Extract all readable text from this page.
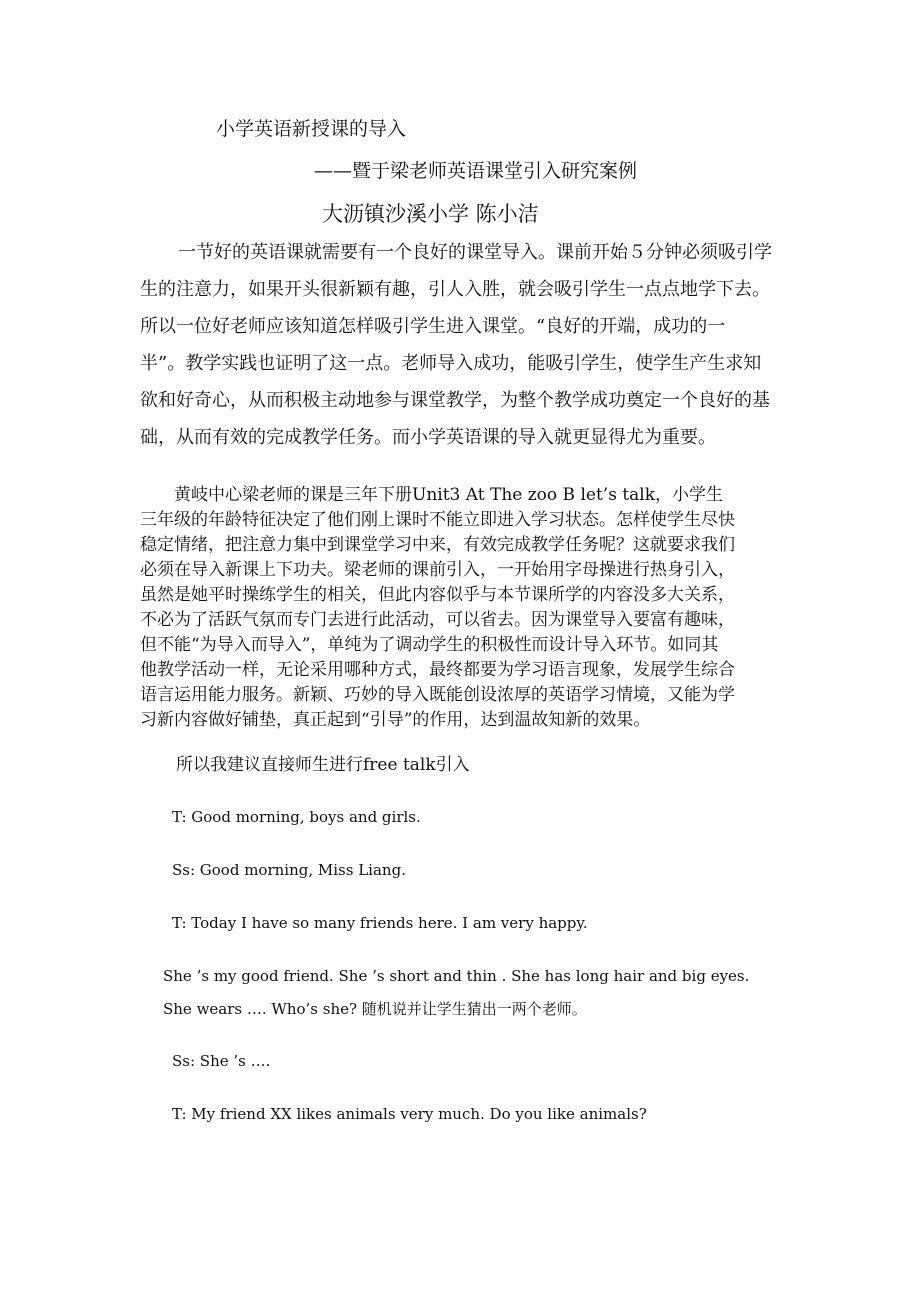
小学英语新授课的导入

——暨于梁老师英语课堂引入研究案例

大沥镇沙溪小学 陈小洁

一节好的英语课就需要有一个良好的课堂导入。课前开始５分钟必须吸引学

生的注意力，如果开头很新颖有趣，引人入胜，就会吸引学生一点点地学下去。

所以一位好老师应该知道怎样吸引学生进入课堂。“良好的开端，成功的一

半”。教学实践也证明了这一点。老师导入成功，能吸引学生，使学生产生求知

欲和好奇心，从而积极主动地参与课堂教学，为整个教学成功奠定一个良好的基

础，从而有效的完成教学任务。而小学英语课的导入就更显得尤为重要。

黄岐中心梁老师的课是三年下册Unit3 At The zoo B let’s talk，小学生

三年级的年龄特征决定了他们刚上课时不能立即进入学习状态。怎样使学生尽快

稳定情绪，把注意力集中到课堂学习中来，有效完成教学任务呢？这就要求我们

必须在导入新课上下功夫。梁老师的课前引入，一开始用字母操进行热身引入，

虽然是她平时操练学生的相关，但此内容似乎与本节课所学的内容没多大关系，

不必为了活跃气氛而专门去进行此活动，可以省去。因为课堂导入要富有趣味，

但不能“为导入而导入”，单纯为了调动学生的积极性而设计导入环节。如同其

他教学活动一样，无论采用哪种方式，最终都要为学习语言现象，发展学生综合

语言运用能力服务。新颖、巧妙的导入既能创设浓厚的英语学习情境，又能为学

习新内容做好铺垫，真正起到“引导”的作用，达到温故知新的效果。

所以我建议直接师生进行free talk引入

T: Good morning, boys and girls.

Ss: Good morning, Miss Liang.

T: Today I have so many friends here. I am very happy.

She ’s my good friend. She ’s short and thin . She has long hair and big eyes.

She wears …. Who’s she? 随机说并让学生猜出一两个老师。

Ss: She ’s ….

T: My friend XX likes animals very much. Do you like animals?
